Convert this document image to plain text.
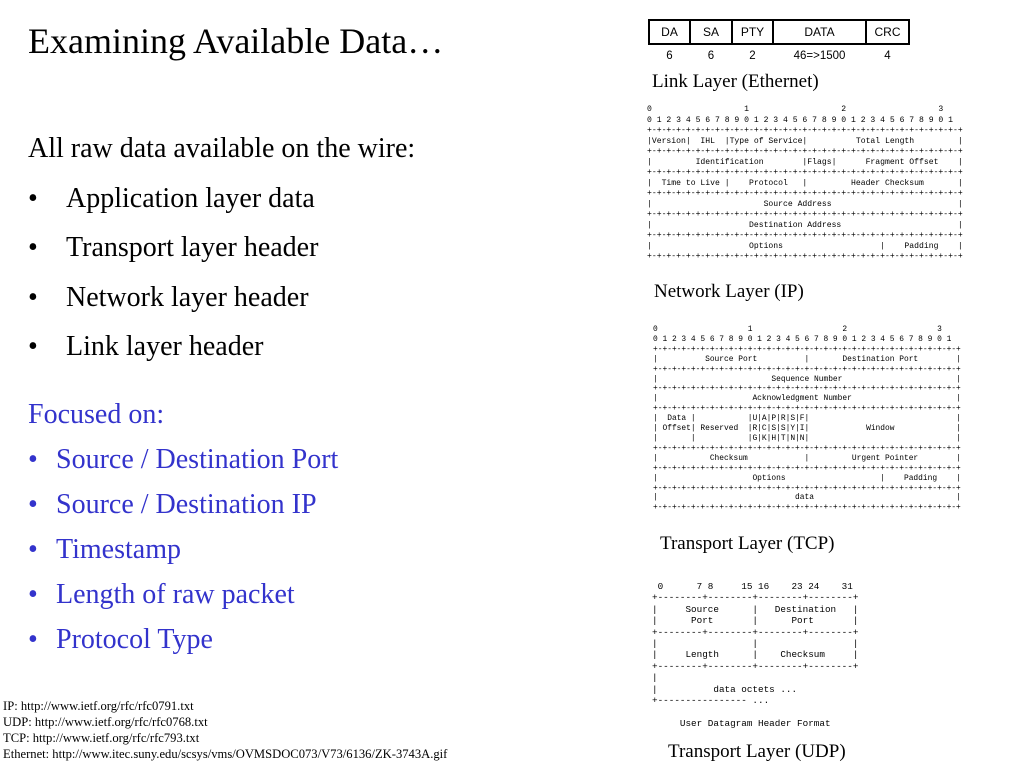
Examining Available Data…
All raw data available on the wire:
• Application layer data
• Transport layer header
• Network layer header
• Link layer header
Focused on:
• Source / Destination Port
• Source / Destination IP
• Timestamp
• Length of raw packet
• Protocol Type
IP: http://www.ietf.org/rfc/rfc0791.txt
UDP: http://www.ietf.org/rfc/rfc0768.txt
TCP: http://www.ietf.org/rfc/rfc793.txt
Ethernet: http://www.itec.suny.edu/scsys/vms/OVMSDOC073/V73/6136/ZK-3743A.gif
DA	SA	PTY	DATA	CRC
6	6	2	46=>1500	4
Link Layer (Ethernet)
0                   1                   2                   3
0 1 2 3 4 5 6 7 8 9 0 1 2 3 4 5 6 7 8 9 0 1 2 3 4 5 6 7 8 9 0 1
+-+-+-+-+-+-+-+-+-+-+-+-+-+-+-+-+-+-+-+-+-+-+-+-+-+-+-+-+-+-+-+-+
|Version|  IHL  |Type of Service|          Total Length         |
+-+-+-+-+-+-+-+-+-+-+-+-+-+-+-+-+-+-+-+-+-+-+-+-+-+-+-+-+-+-+-+-+
|         Identification        |Flags|      Fragment Offset    |
+-+-+-+-+-+-+-+-+-+-+-+-+-+-+-+-+-+-+-+-+-+-+-+-+-+-+-+-+-+-+-+-+
|  Time to Live |    Protocol   |         Header Checksum       |
+-+-+-+-+-+-+-+-+-+-+-+-+-+-+-+-+-+-+-+-+-+-+-+-+-+-+-+-+-+-+-+-+
|                       Source Address                          |
+-+-+-+-+-+-+-+-+-+-+-+-+-+-+-+-+-+-+-+-+-+-+-+-+-+-+-+-+-+-+-+-+
|                    Destination Address                        |
+-+-+-+-+-+-+-+-+-+-+-+-+-+-+-+-+-+-+-+-+-+-+-+-+-+-+-+-+-+-+-+-+
|                    Options                    |    Padding    |
+-+-+-+-+-+-+-+-+-+-+-+-+-+-+-+-+-+-+-+-+-+-+-+-+-+-+-+-+-+-+-+-+
Network Layer (IP)
0                   1                   2                   3
0 1 2 3 4 5 6 7 8 9 0 1 2 3 4 5 6 7 8 9 0 1 2 3 4 5 6 7 8 9 0 1
+-+-+-+-+-+-+-+-+-+-+-+-+-+-+-+-+-+-+-+-+-+-+-+-+-+-+-+-+-+-+-+-+
|          Source Port          |       Destination Port        |
+-+-+-+-+-+-+-+-+-+-+-+-+-+-+-+-+-+-+-+-+-+-+-+-+-+-+-+-+-+-+-+-+
|                        Sequence Number                        |
+-+-+-+-+-+-+-+-+-+-+-+-+-+-+-+-+-+-+-+-+-+-+-+-+-+-+-+-+-+-+-+-+
|                    Acknowledgment Number                      |
+-+-+-+-+-+-+-+-+-+-+-+-+-+-+-+-+-+-+-+-+-+-+-+-+-+-+-+-+-+-+-+-+
|  Data |           |U|A|P|R|S|F|                               |
| Offset| Reserved  |R|C|S|S|Y|I|            Window             |
|       |           |G|K|H|T|N|N|                               |
+-+-+-+-+-+-+-+-+-+-+-+-+-+-+-+-+-+-+-+-+-+-+-+-+-+-+-+-+-+-+-+-+
|           Checksum            |         Urgent Pointer        |
+-+-+-+-+-+-+-+-+-+-+-+-+-+-+-+-+-+-+-+-+-+-+-+-+-+-+-+-+-+-+-+-+
|                    Options                    |    Padding    |
+-+-+-+-+-+-+-+-+-+-+-+-+-+-+-+-+-+-+-+-+-+-+-+-+-+-+-+-+-+-+-+-+
|                             data                              |
+-+-+-+-+-+-+-+-+-+-+-+-+-+-+-+-+-+-+-+-+-+-+-+-+-+-+-+-+-+-+-+-+
Transport Layer (TCP)
0      7 8     15 16    23 24    31
+--------+--------+--------+--------+
|     Source      |   Destination   |
|      Port       |      Port       |
+--------+--------+--------+--------+
|                 |                 |
|     Length      |    Checksum     |
+--------+--------+--------+--------+
|
|          data octets ...
+---------------- ...

User Datagram Header Format
Transport Layer (UDP)
